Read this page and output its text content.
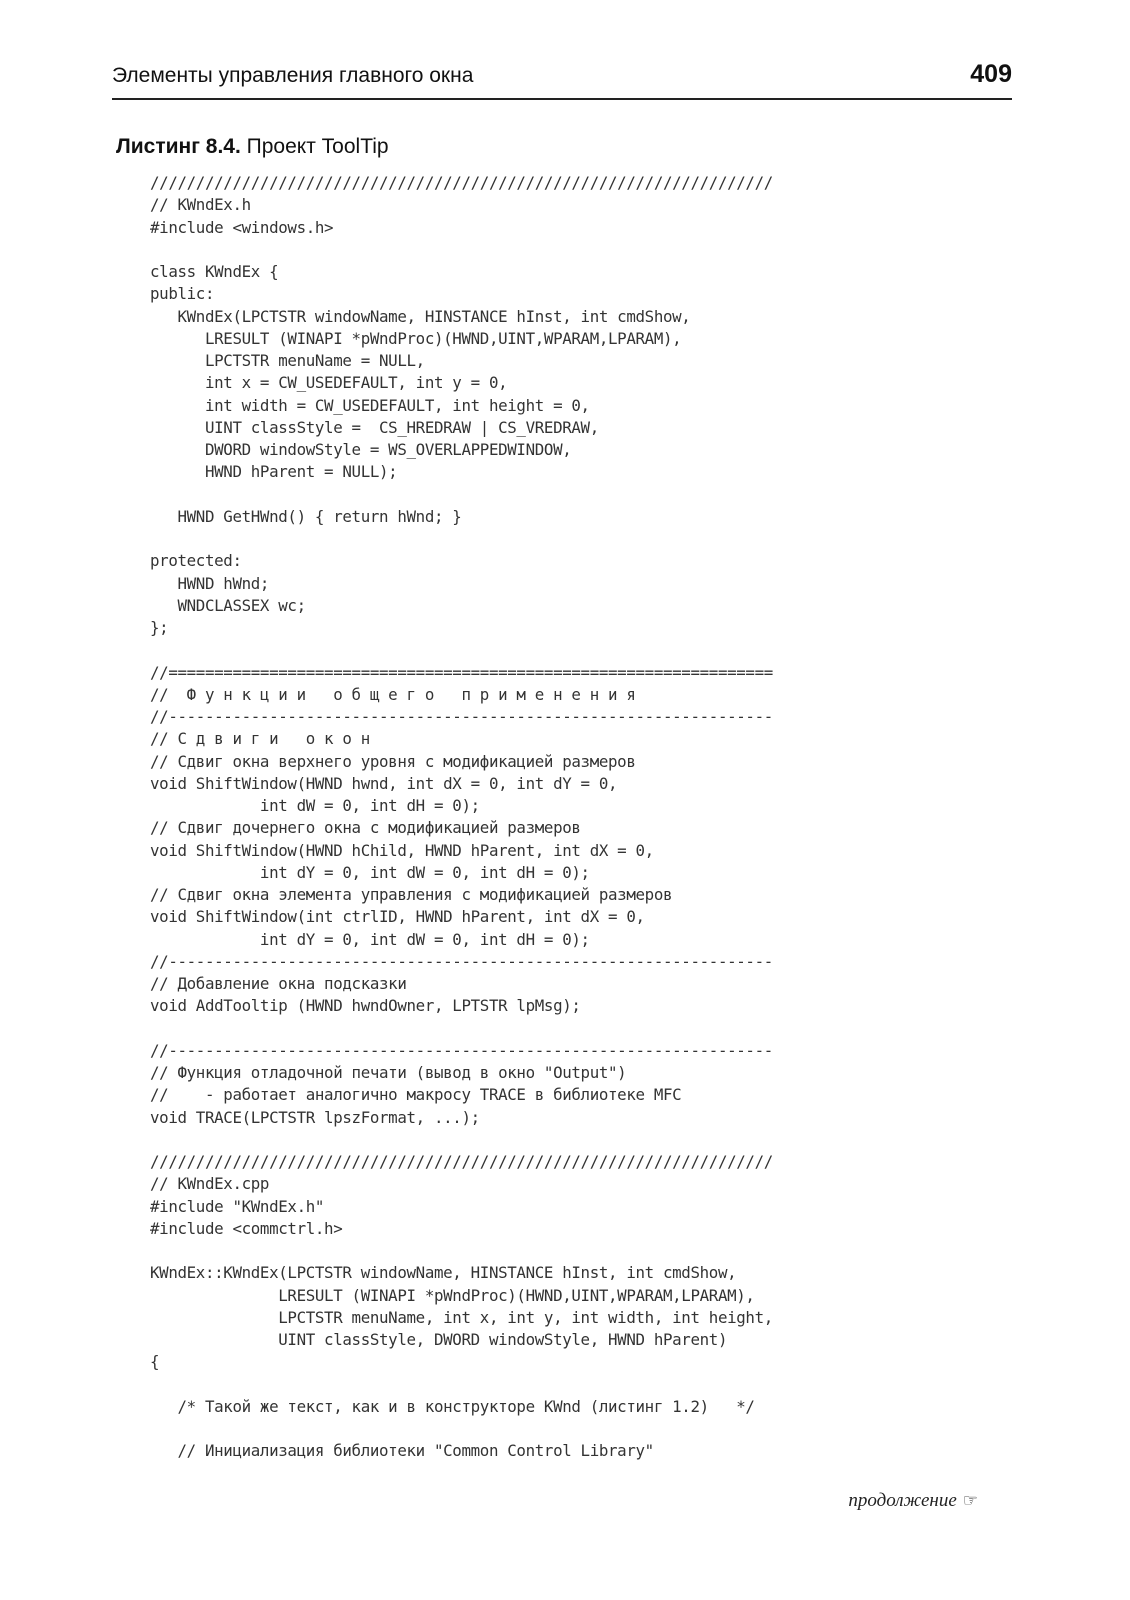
Элементы управления главного окна	409
Листинг 8.4. Проект ToolTip
////////////////////////////////////////////////////////////////////
// KWndEx.h
#include <windows.h>
class KWndEx {
public:
KWndEx(LPCTSTR windowName, HINSTANCE hInst, int cmdShow,
LRESULT (WINAPI *pWndProc)(HWND,UINT,WPARAM,LPARAM),
LPCTSTR menuName = NULL,
int x = CW_USEDEFAULT, int y = 0,
int width = CW_USEDEFAULT, int height = 0,
UINT classStyle =  CS_HREDRAW | CS_VREDRAW,
DWORD windowStyle = WS_OVERLAPPEDWINDOW,
HWND hParent = NULL);
HWND GetHWnd() { return hWnd; }
protected:
HWND hWnd;
WNDCLASSEX wc;
};
//==================================================================
//  Ф у н к ц и и   о б щ е г о   п р и м е н е н и я
//------------------------------------------------------------------
// С д в и г и   о к о н
// Сдвиг окна верхнего уровня с модификацией размеров
void ShiftWindow(HWND hwnd, int dX = 0, int dY = 0,
int dW = 0, int dH = 0);
// Сдвиг дочернего окна с модификацией размеров
void ShiftWindow(HWND hChild, HWND hParent, int dX = 0,
int dY = 0, int dW = 0, int dH = 0);
// Сдвиг окна элемента управления с модификацией размеров
void ShiftWindow(int ctrlID, HWND hParent, int dX = 0,
int dY = 0, int dW = 0, int dH = 0);
//------------------------------------------------------------------
// Добавление окна подсказки
void AddTooltip (HWND hwndOwner, LPTSTR lpMsg);
//------------------------------------------------------------------
// Функция отладочной печати (вывод в окно "Output")
//    - работает аналогично макросу TRACE в библиотеке MFC
void TRACE(LPCTSTR lpszFormat, ...);
////////////////////////////////////////////////////////////////////
// KWndEx.cpp
#include "KWndEx.h"
#include <commctrl.h>
KWndEx::KWndEx(LPCTSTR windowName, HINSTANCE hInst, int cmdShow,
LRESULT (WINAPI *pWndProc)(HWND,UINT,WPARAM,LPARAM),
LPCTSTR menuName, int x, int y, int width, int height,
UINT classStyle, DWORD windowStyle, HWND hParent)
{
/* Такой же текст, как и в конструкторе KWnd (листинг 1.2)   */
// Инициализация библиотеки "Common Control Library"
продолжение ☞
